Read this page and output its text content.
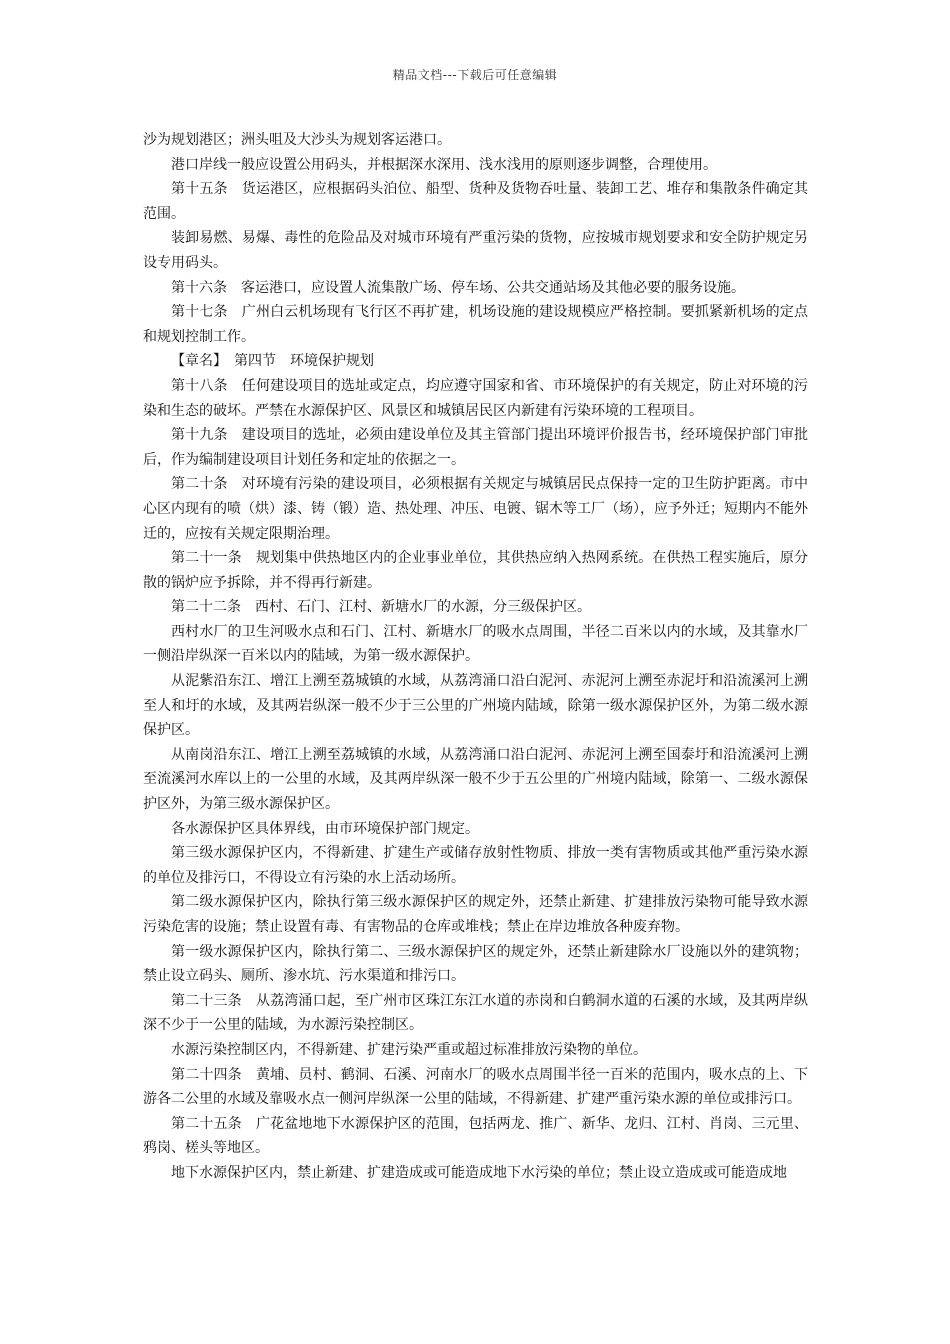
精品文档---下载后可任意编辑

沙为规划港区；洲头咀及大沙头为规划客运港口。

港口岸线一般应设置公用码头，并根据深水深用、浅水浅用的原则逐步调整，合理使用。

第十五条　货运港区，应根据码头泊位、船型、货种及货物吞吐量、装卸工艺、堆存和集散条件确定其范围。

装卸易燃、易爆、毒性的危险品及对城市环境有严重污染的货物，应按城市规划要求和安全防护规定另设专用码头。

第十六条　客运港口，应设置人流集散广场、停车场、公共交通站场及其他必要的服务设施。

第十七条　广州白云机场现有飞行区不再扩建，机场设施的建设规模应严格控制。要抓紧新机场的定点和规划控制工作。

【章名】　第四节　环境保护规划

第十八条　任何建设项目的选址或定点，均应遵守国家和省、市环境保护的有关规定，防止对环境的污染和生态的破坏。严禁在水源保护区、风景区和城镇居民区内新建有污染环境的工程项目。

第十九条　建设项目的选址，必须由建设单位及其主管部门提出环境评价报告书，经环境保护部门审批后，作为编制建设项目计划任务和定址的依据之一。

第二十条　对环境有污染的建设项目，必须根据有关规定与城镇居民点保持一定的卫生防护距离。市中心区内现有的喷（烘）漆、铸（锻）造、热处理、冲压、电镀、锯木等工厂（场），应予外迁；短期内不能外迁的，应按有关规定限期治理。

第二十一条　规划集中供热地区内的企业事业单位，其供热应纳入热网系统。在供热工程实施后，原分散的锅炉应予拆除，并不得再行新建。

第二十二条　西村、石门、江村、新塘水厂的水源，分三级保护区。

西村水厂的卫生河吸水点和石门、江村、新塘水厂的吸水点周围，半径二百米以内的水域，及其靠水厂一侧沿岸纵深一百米以内的陆域，为第一级水源保护。

从泥紫沿东江、增江上溯至荔城镇的水域，从荔湾涌口沿白泥河、赤泥河上溯至赤泥圩和沿流溪河上溯至人和圩的水域，及其两岩纵深一般不少于三公里的广州境内陆域，除第一级水源保护区外，为第二级水源保护区。

从南岗沿东江、增江上溯至荔城镇的水域，从荔湾涌口沿白泥河、赤泥河上溯至国泰圩和沿流溪河上溯至流溪河水库以上的一公里的水域，及其两岸纵深一般不少于五公里的广州境内陆域，除第一、二级水源保护区外，为第三级水源保护区。

各水源保护区具体界线，由市环境保护部门规定。

第三级水源保护区内，不得新建、扩建生产或储存放射性物质、排放一类有害物质或其他严重污染水源的单位及排污口，不得设立有污染的水上活动场所。

第二级水源保护区内，除执行第三级水源保护区的规定外，还禁止新建、扩建排放污染物可能导致水源污染危害的设施；禁止设置有毒、有害物品的仓库或堆栈；禁止在岸边堆放各种废弃物。

第一级水源保护区内，除执行第二、三级水源保护区的规定外，还禁止新建除水厂设施以外的建筑物；禁止设立码头、厕所、渗水坑、污水渠道和排污口。

第二十三条　从荔湾涌口起，至广州市区珠江东江水道的赤岗和白鹤洞水道的石溪的水域，及其两岸纵深不少于一公里的陆域，为水源污染控制区。

水源污染控制区内，不得新建、扩建污染严重或超过标准排放污染物的单位。

第二十四条　黄埔、员村、鹤洞、石溪、河南水厂的吸水点周围半径一百米的范围内，吸水点的上、下游各二公里的水域及靠吸水点一侧河岸纵深一公里的陆域，不得新建、扩建严重污染水源的单位或排污口。

第二十五条　广花盆地地下水源保护区的范围，包括两龙、推广、新华、龙归、江村、肖岗、三元里、鸦岗、槎头等地区。

地下水源保护区内，禁止新建、扩建造成或可能造成地下水污染的单位；禁止设立造成或可能造成地
